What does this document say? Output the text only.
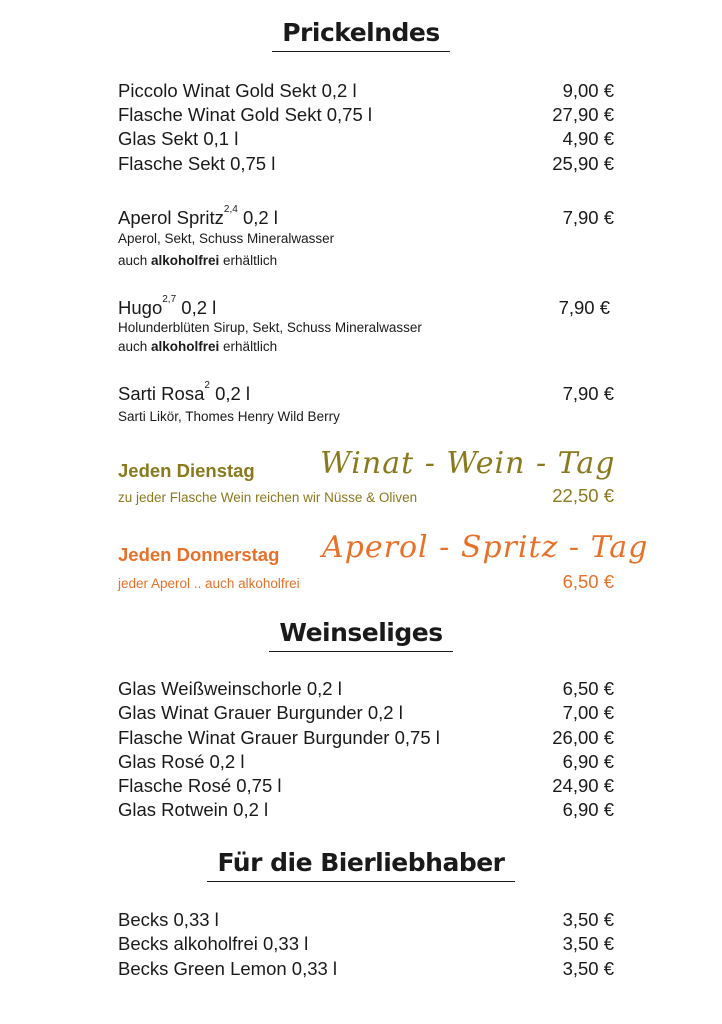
Prickelndes
Piccolo Winat Gold Sekt 0,2 l	9,00 €
Flasche Winat Gold Sekt 0,75 l	27,90 €
Glas Sekt 0,1 l	4,90 €
Flasche Sekt 0,75 l	25,90 €
Aperol Spritz$^{2,4}$ 0,2 l	7,90 €
Aperol, Sekt, Schuss Mineralwasser
auch alkoholfrei erhältlich
Hugo$^{2,7}$ 0,2 l	7,90 €
Holunderblüten Sirup, Sekt, Schuss Mineralwasser
auch alkoholfrei erhältlich
Sarti Rosa$^2$ 0,2 l	7,90 €
Sarti Likör, Thomes Henry Wild Berry
Jeden Dienstag Winat - Wein - Tag
zu jeder Flasche Wein reichen wir Nüsse & Oliven	22,50 €
Jeden Donnerstag Aperol - Spritz - Tag
jeder Aperol .. auch alkoholfrei	6,50 €
Weinseliges
Glas Weißweinschorle 0,2 l	6,50 €
Glas Winat Grauer Burgunder 0,2 l	7,00 €
Flasche Winat Grauer Burgunder 0,75 l	26,00 €
Glas Rosé 0,2 l	6,90 €
Flasche Rosé 0,75 l	24,90 €
Glas Rotwein 0,2 l	6,90 €
Für die Bierliebhaber
Becks 0,33 l	3,50 €
Becks alkoholfrei 0,33 l	3,50 €
Becks Green Lemon 0,33 l	3,50 €
